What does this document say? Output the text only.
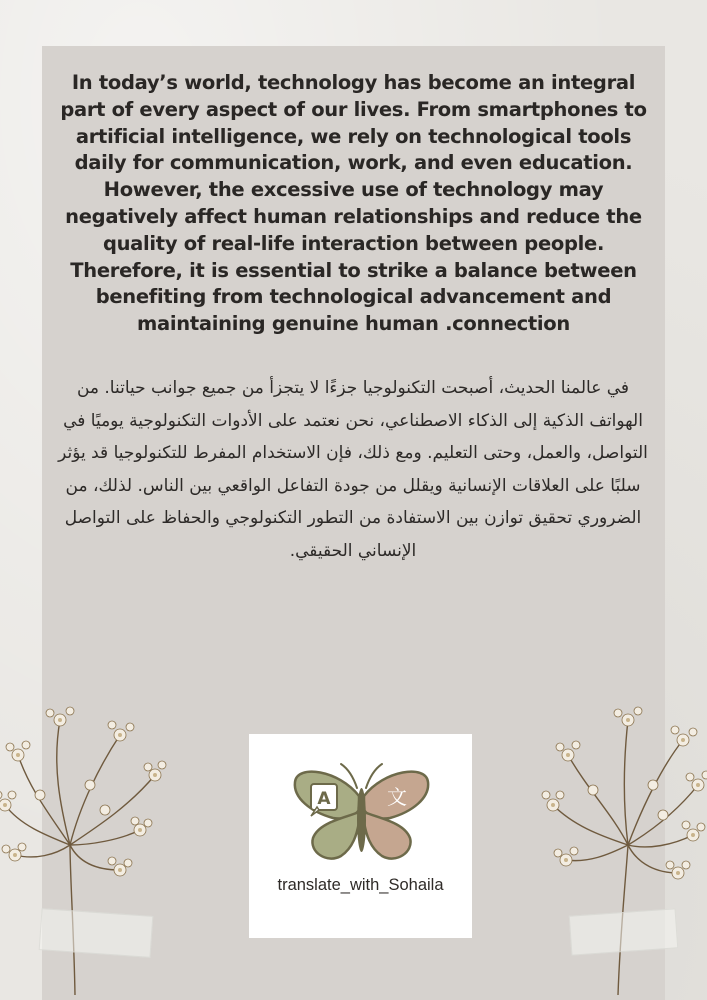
In today’s world, technology has become an integral part of every aspect of our lives. From smartphones to artificial intelligence, we rely on technological tools daily for communication, work, and even education. However, the excessive use of technology may negatively affect human relationships and reduce the quality of real-life interaction between people. Therefore, it is essential to strike a balance between benefiting from technological advancement and maintaining genuine human .connection

في عالمنا الحديث، أصبحت التكنولوجيا جزءًا لا يتجزأ من جميع جوانب حياتنا. من الهواتف الذكية إلى الذكاء الاصطناعي، نحن نعتمد على الأدوات التكنولوجية يوميًا في التواصل، والعمل، وحتى التعليم. ومع ذلك، فإن الاستخدام المفرط للتكنولوجيا قد يؤثر سلبًا على العلاقات الإنسانية ويقلل من جودة التفاعل الواقعي بين الناس. لذلك، من الضروري تحقيق توازن بين الاستفادة من التطور التكنولوجي والحفاظ على التواصل الإنساني الحقيقي.

A	文
translate_with_Sohaila
